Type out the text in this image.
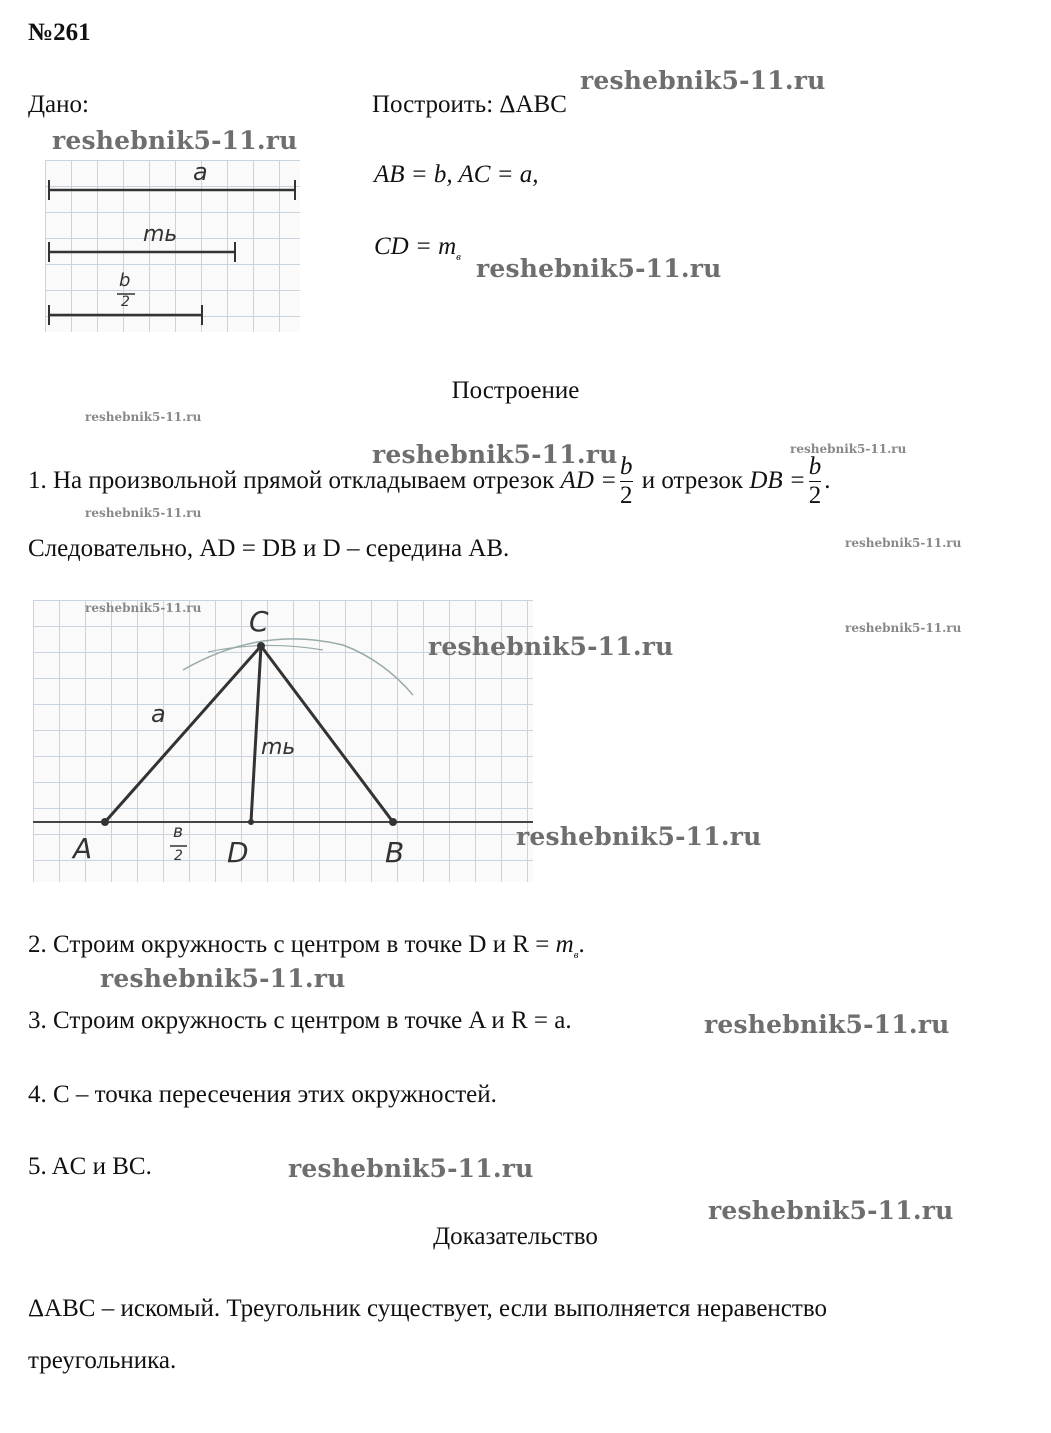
№261
Дано:	Построить: ΔABC
AB = b, AC = a,
CD = $m_в$
a
mь
b
2
Построение
1. На произвольной прямой откладываем отрезок
AD = $\frac{b}{2}$
и отрезок
DB = $\frac{b}{2}$ .
Следовательно, AD = DB и D – середина AB.
C
a
mь
A	D	B
в
2
2. Строим окружность с центром в точке D и $R = m_в$.
3. Строим окружность с центром в точке A и R = a.
4. C – точка пересечения этих окружностей.
5. AC и BC.
Доказательство
ΔABC – искомый. Треугольник существует, если выполняется неравенство
треугольника.
reshebnik5-11.ru
reshebnik5-11.ru
reshebnik5-11.ru
reshebnik5-11.ru
reshebnik5-11.ru	reshebnik5-11.ru
reshebnik5-11.ru
reshebnik5-11.ru
reshebnik5-11.ru
reshebnik5-11.ru
reshebnik5-11.ru
reshebnik5-11.ru
reshebnik5-11.ru
reshebnik5-11.ru
reshebnik5-11.ru
reshebnik5-11.ru
